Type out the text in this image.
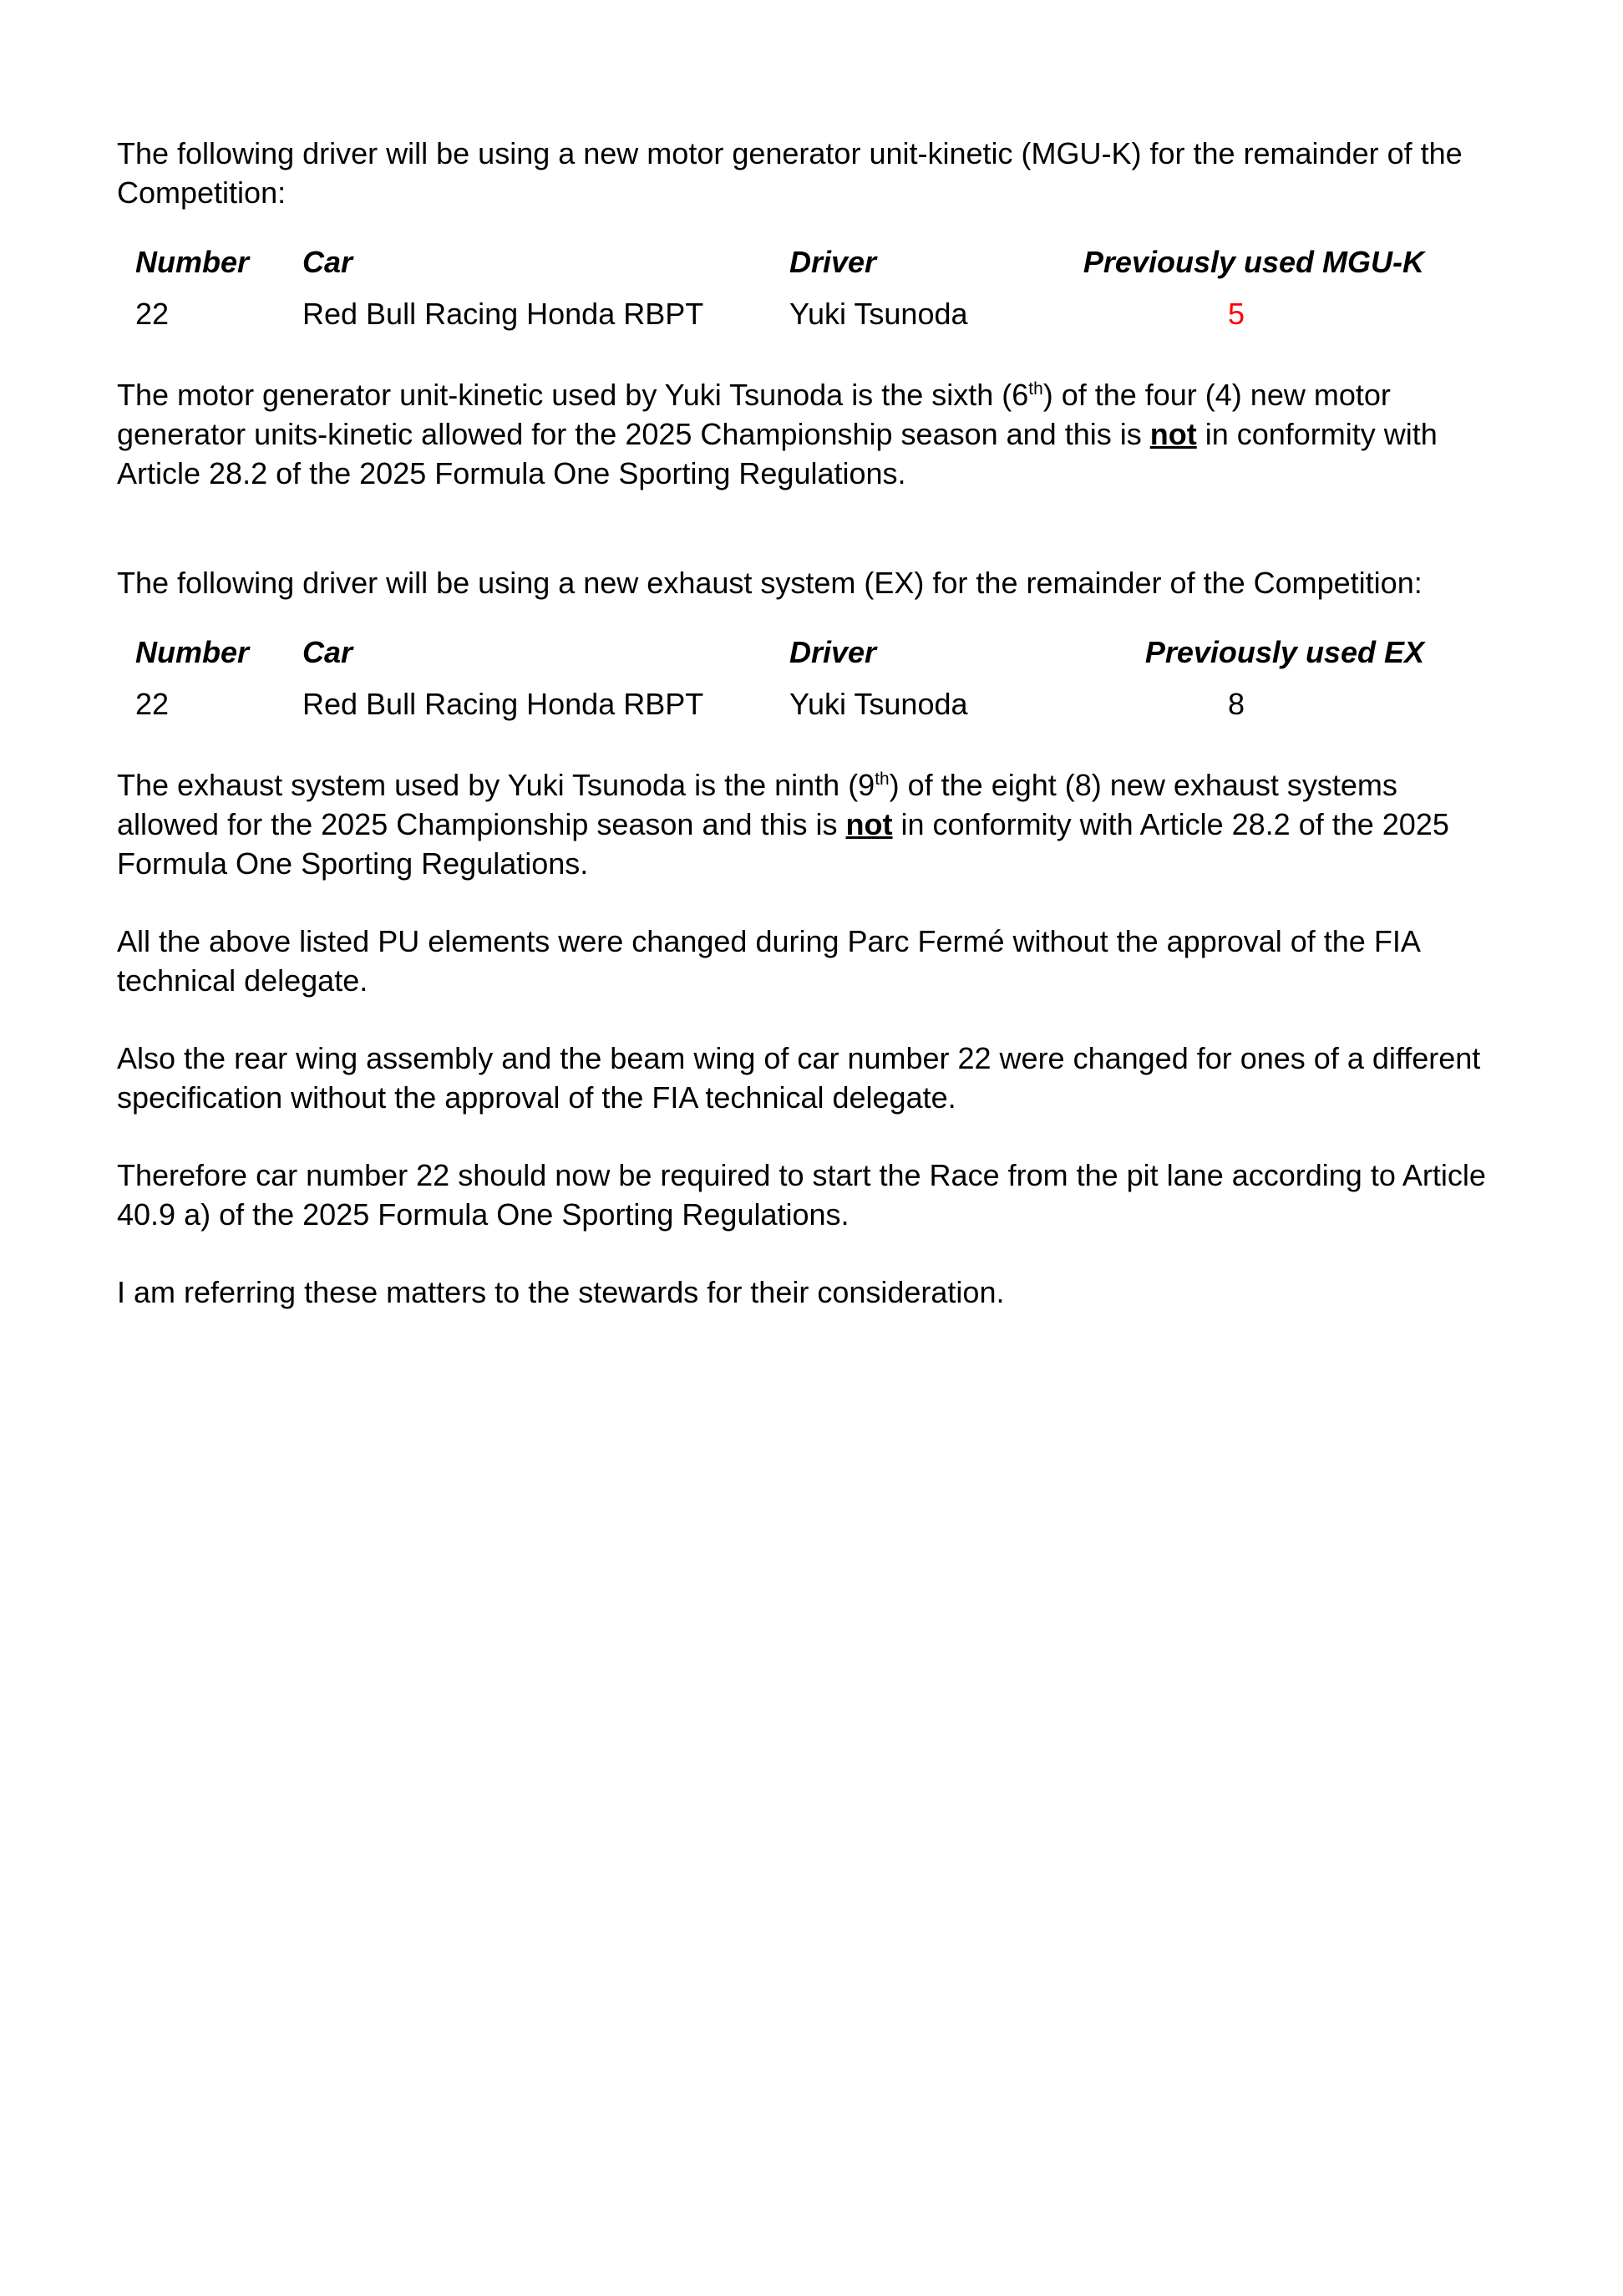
The following driver will be using a new motor generator unit-kinetic (MGU-K) for the remainder of the Competition:

Number	Car	Driver	Previously used MGU-K
22	Red Bull Racing Honda RBPT	Yuki Tsunoda	5

The motor generator unit-kinetic used by Yuki Tsunoda is the sixth (6th) of the four (4) new motor generator units-kinetic allowed for the 2025 Championship season and this is not in conformity with Article 28.2 of the 2025 Formula One Sporting Regulations.

The following driver will be using a new exhaust system (EX) for the remainder of the Competition:

Number	Car	Driver	Previously used EX
22	Red Bull Racing Honda RBPT	Yuki Tsunoda	8

The exhaust system used by Yuki Tsunoda is the ninth (9th) of the eight (8) new exhaust systems allowed for the 2025 Championship season and this is not in conformity with Article 28.2 of the 2025 Formula One Sporting Regulations.

All the above listed PU elements were changed during Parc Fermé without the approval of the FIA technical delegate.

Also the rear wing assembly and the beam wing of car number 22 were changed for ones of a different specification without the approval of the FIA technical delegate.

Therefore car number 22 should now be required to start the Race from the pit lane according to Article 40.9 a) of the 2025 Formula One Sporting Regulations.

I am referring these matters to the stewards for their consideration.
